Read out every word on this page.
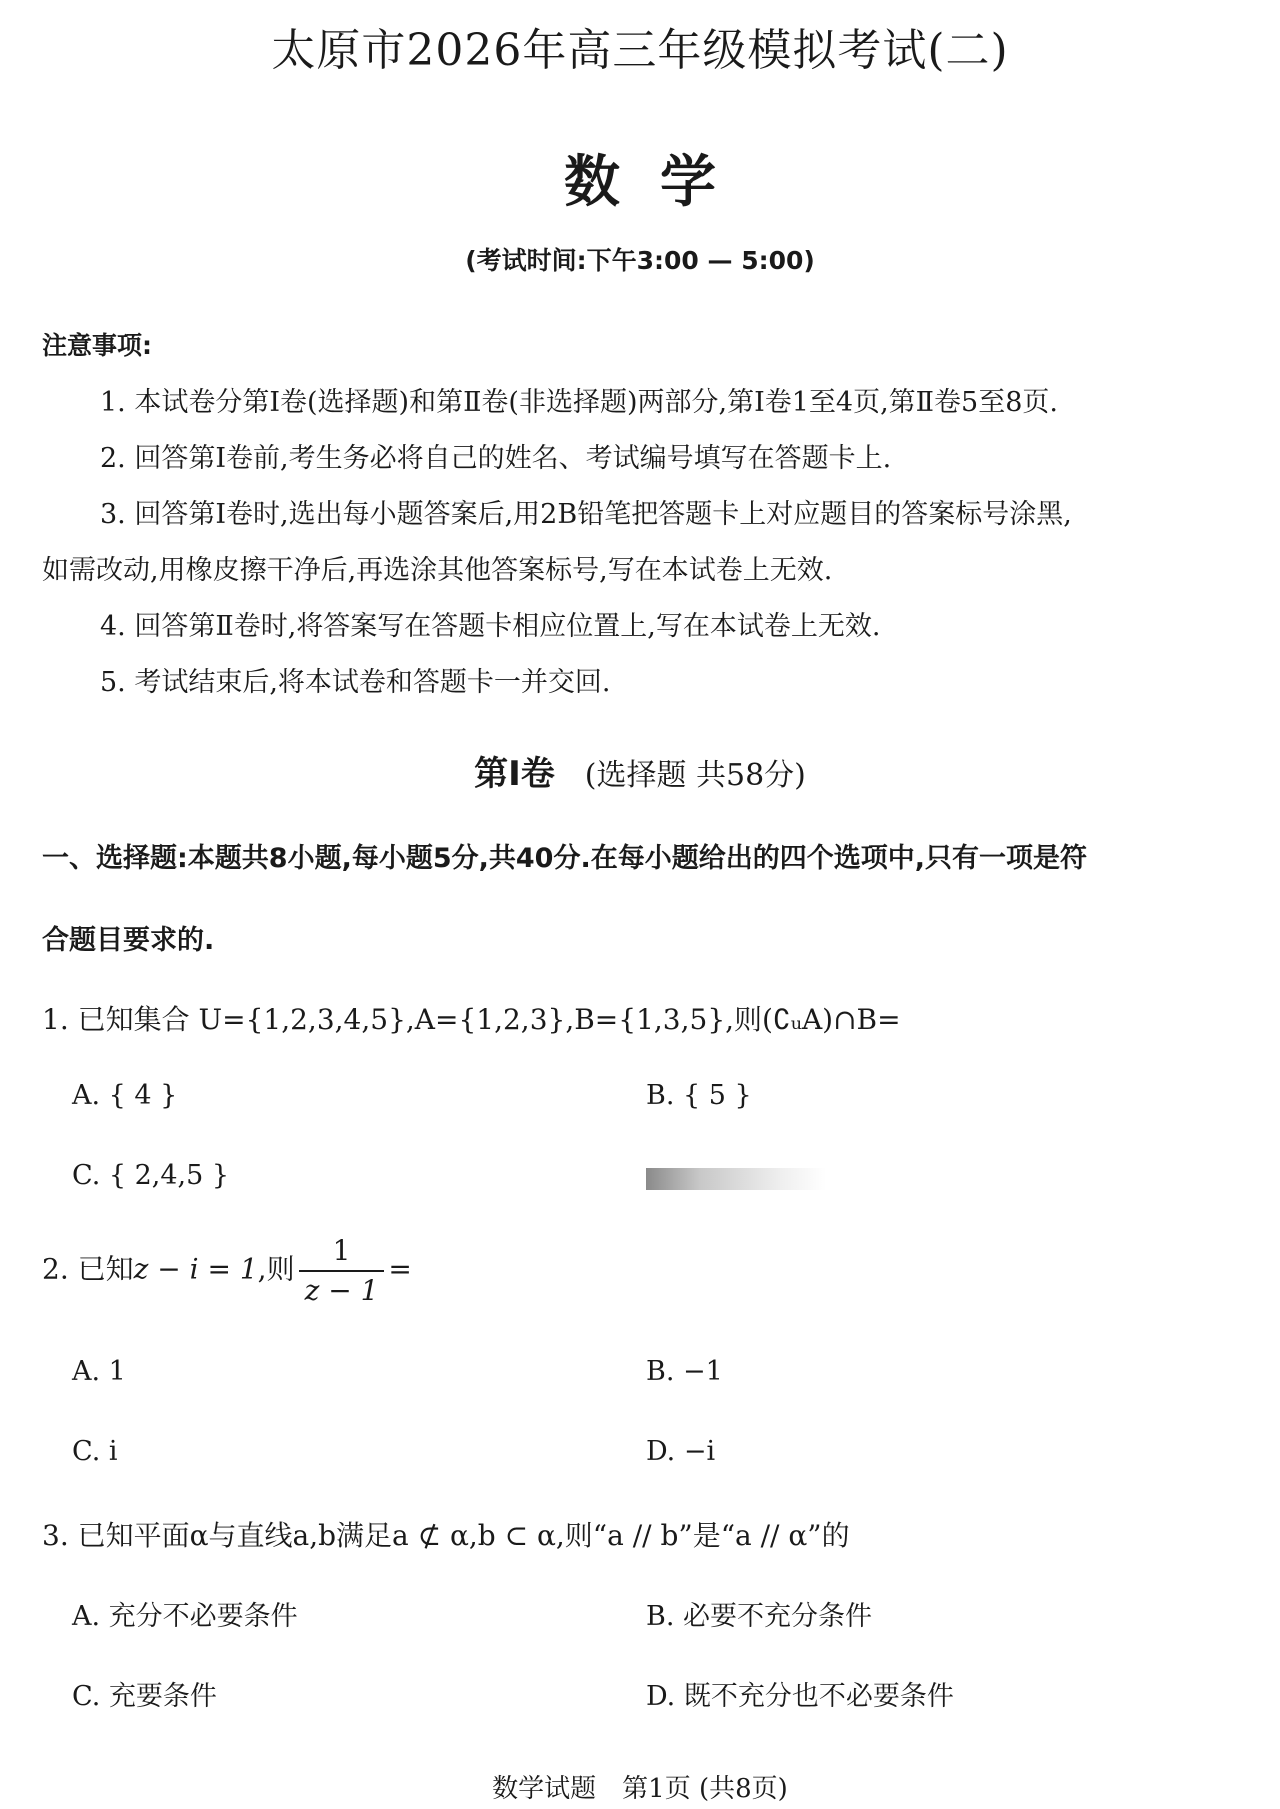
太原市2026年高三年级模拟考试(二)
数学
(考试时间:下午3:00 — 5:00)
注意事项:
1. 本试卷分第Ⅰ卷(选择题)和第Ⅱ卷(非选择题)两部分,第Ⅰ卷1至4页,第Ⅱ卷5至8页.
2. 回答第Ⅰ卷前,考生务必将自己的姓名、考试编号填写在答题卡上.
3. 回答第Ⅰ卷时,选出每小题答案后,用2B铅笔把答题卡上对应题目的答案标号涂黑,
如需改动,用橡皮擦干净后,再选涂其他答案标号,写在本试卷上无效.
4. 回答第Ⅱ卷时,将答案写在答题卡相应位置上,写在本试卷上无效.
5. 考试结束后,将本试卷和答题卡一并交回.
第Ⅰ卷 (选择题 共58分)
一、选择题:本题共8小题,每小题5分,共40分.在每小题给出的四个选项中,只有一项是符
合题目要求的.
1. 已知集合 U={1,2,3,4,5},A={1,2,3},B={1,3,5},则(∁ᵤA)∩B=
A. { 4 }	B. { 5 }
C. { 2,4,5 }
2. 已知z − i = 1,则 $\frac{1}{z - 1}$ =
A. 1	B. −1
C. i	D. −i
3. 已知平面α与直线a,b满足a ⊄ α,b ⊂ α,则“a // b”是“a // α”的
A. 充分不必要条件	B. 必要不充分条件
C. 充要条件	D. 既不充分也不必要条件
数学试题　第1页 (共8页)
